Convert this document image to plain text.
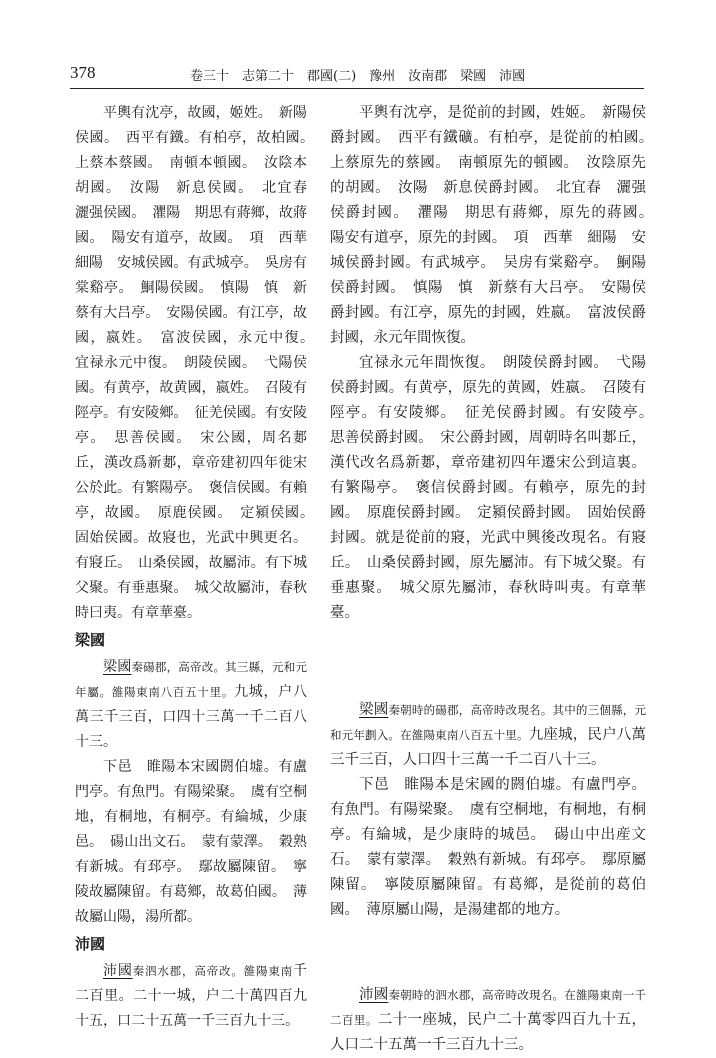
378	卷三十　志第二十　郡國(二)　豫州　汝南郡　梁國　沛國

平輿有沈亭，故國，姬姓。　新陽侯國。　西平有鐵。有柏亭，故柏國。　上蔡本蔡國。　南頓本頓國。　汝陰本胡國。　汝陽　新息侯國。　北宜春　灑强侯國。　灈陽　期思有蔣鄉，故蔣國。　陽安有道亭，故國。　項　西華　細陽　安城侯國。有武城亭。　吳房有棠谿亭。　鮦陽侯國。　慎陽　慎　新蔡有大吕亭。　安陽侯國。有江亭，故國，嬴姓。　富波侯國，永元中復。　宜禄永元中復。　朗陵侯國。　弋陽侯國。有黄亭，故黄國，嬴姓。　召陵有陘亭。有安陵鄉。　征羌侯國。有安陵亭。　思善侯國。　宋公國，周名郪丘，漢改爲新郪，章帝建初四年徙宋公於此。有繁陽亭。　褒信侯國。有賴亭，故國。　原鹿侯國。　定潁侯國。　固始侯國。故寢也，光武中興更名。有寢丘。　山桑侯國，故屬沛。有下城父聚。有垂惠聚。　城父故屬沛，春秋時曰夷。有章華臺。

梁國

梁國秦碭郡，高帝改。其三縣，元和元年屬。雒陽東南八百五十里。九城，户八萬三千三百，口四十三萬一千二百八十三。

下邑　睢陽本宋國閼伯墟。有盧門亭。有魚門。有陽梁聚。　虞有空桐地，有桐地，有桐亭。有綸城，少康邑。　碭山出文石。　蒙有蒙澤。　穀熟有新城。有邳亭。　鄢故屬陳留。　寧陵故屬陳留。有葛鄉，故葛伯國。　薄故屬山陽，湯所都。

沛國

沛國秦泗水郡，高帝改。雒陽東南千二百里。二十一城，户二十萬四百九十五，口二十五萬一千三百九十三。

平輿有沈亭，是從前的封國，姓姬。　新陽侯爵封國。　西平有鐵礦。有柏亭，是從前的柏國。　上蔡原先的蔡國。　南頓原先的頓國。　汝陰原先的胡國。　汝陽　新息侯爵封國。　北宜春　灑强侯爵封國。　灈陽　期思有蔣鄉，原先的蔣國。　陽安有道亭，原先的封國。　項　西華　細陽　安城侯爵封國。有武城亭。　吴房有棠谿亭。　鮦陽侯爵封國。　慎陽　慎　新蔡有大吕亭。　安陽侯爵封國。有江亭，原先的封國，姓嬴。　富波侯爵封國，永元年間恢復。

宜禄永元年間恢復。　朗陵侯爵封國。　弋陽侯爵封國。有黄亭，原先的黄國，姓嬴。　召陵有陘亭。有安陵鄉。　征羌侯爵封國。有安陵亭。　思善侯爵封國。　宋公爵封國，周朝時名叫郪丘，漢代改名爲新郪，章帝建初四年遷宋公到這裏。有繁陽亭。　褒信侯爵封國。有賴亭，原先的封國。　原鹿侯爵封國。　定潁侯爵封國。　固始侯爵封國。就是從前的寢，光武中興後改現名。有寢丘。　山桑侯爵封國，原先屬沛。有下城父聚。有垂惠聚。　城父原先屬沛，春秋時叫夷。有章華臺。

梁國秦朝時的碭郡，高帝時改現名。其中的三個縣，元和元年劃入。在雒陽東南八百五十里。九座城，民户八萬三千三百，人口四十三萬一千二百八十三。

下邑　睢陽本是宋國的閼伯墟。有盧門亭。有魚門。有陽梁聚。　虞有空桐地，有桐地，有桐亭。有綸城，是少康時的城邑。　碭山中出産文石。　蒙有蒙澤。　穀熟有新城。有邳亭。　鄢原屬陳留。　寧陵原屬陳留。有葛鄉，是從前的葛伯國。　薄原屬山陽，是湯建都的地方。

沛國秦朝時的泗水郡，高帝時改現名。在雒陽東南一千二百里。二十一座城，民户二十萬零四百九十五，人口二十五萬一千三百九十三。
